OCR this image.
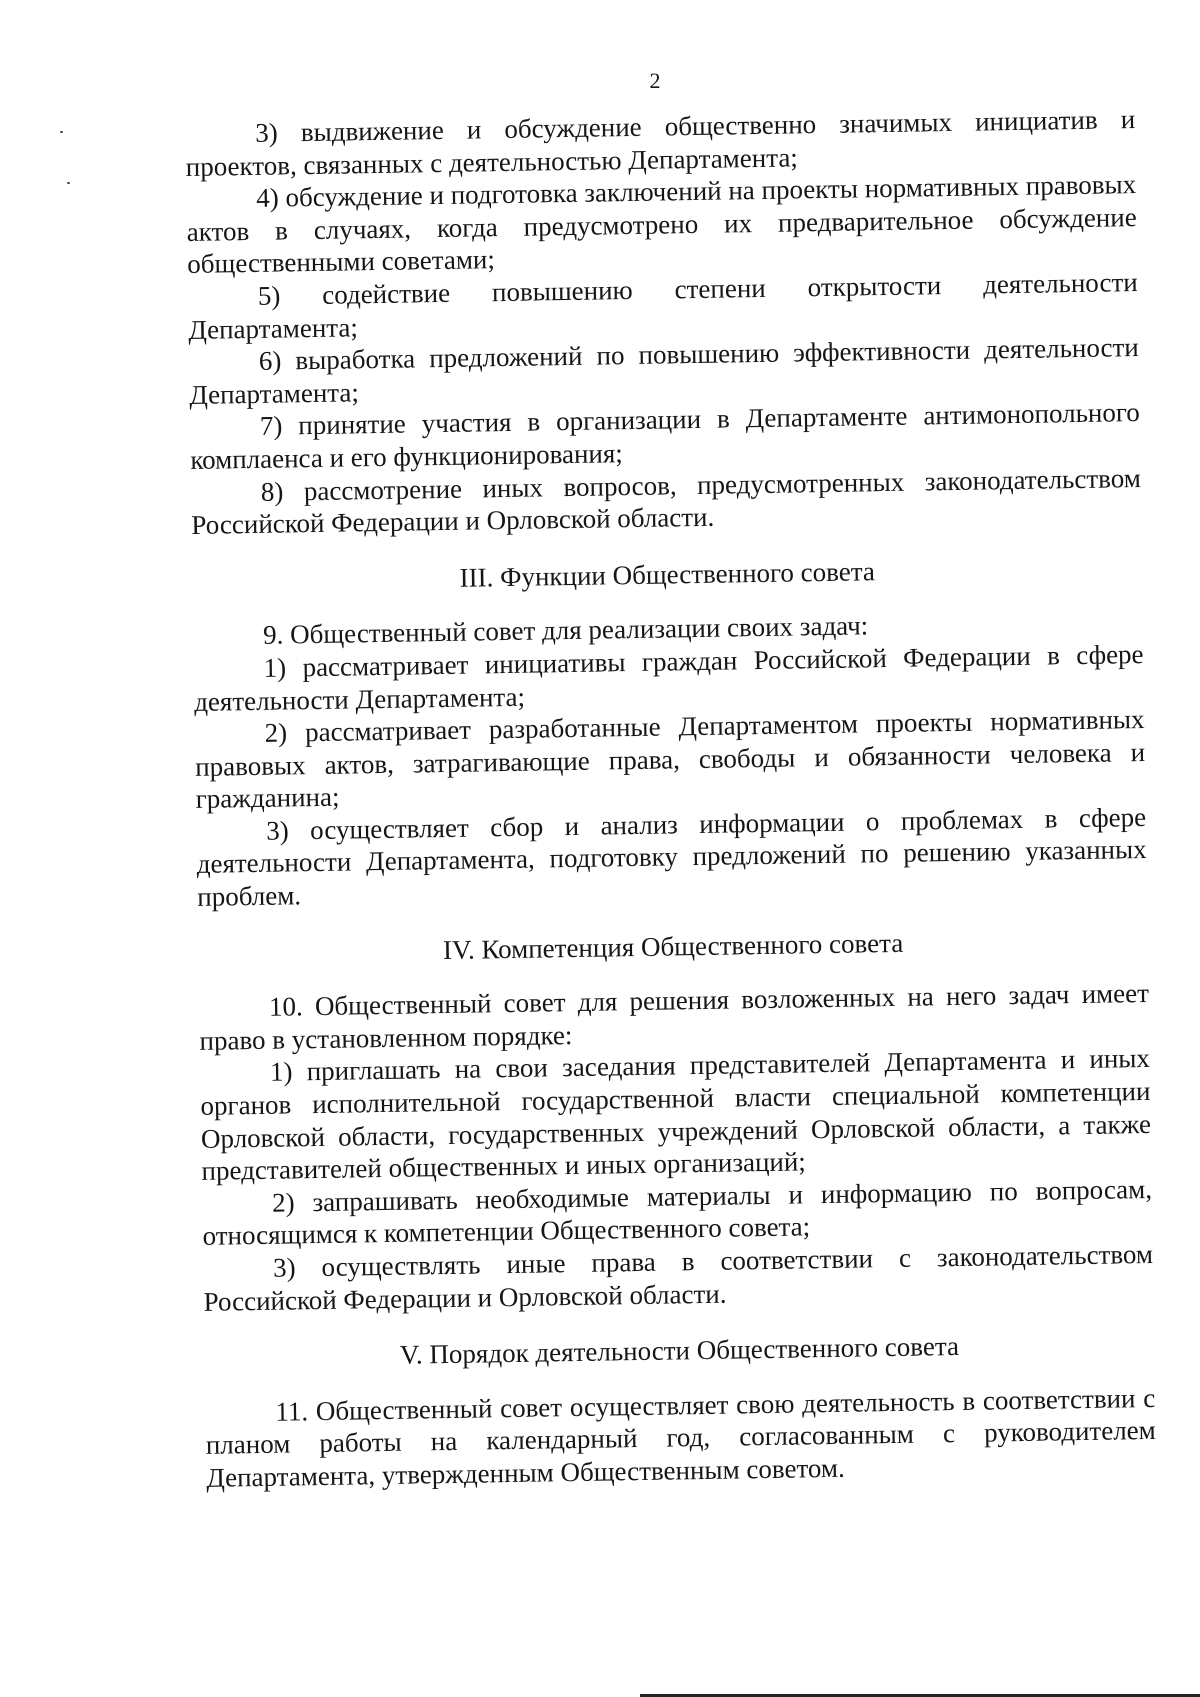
2

3) выдвижение и обсуждение общественно значимых инициатив и проектов, связанных с деятельностью Департамента;

4) обсуждение и подготовка заключений на проекты нормативных правовых актов в случаях, когда предусмотрено их предварительное обсуждение общественными советами;

5) содействие повышению степени открытости деятельности Департамента;

6) выработка предложений по повышению эффективности деятельности Департамента;

7) принятие участия в организации в Департаменте антимонопольного комплаенса и его функционирования;

8) рассмотрение иных вопросов, предусмотренных законодательством Российской Федерации и Орловской области.

III. Функции Общественного совета

9. Общественный совет для реализации своих задач:

1) рассматривает инициативы граждан Российской Федерации в сфере деятельности Департамента;

2) рассматривает разработанные Департаментом проекты нормативных правовых актов, затрагивающие права, свободы и обязанности человека и гражданина;

3) осуществляет сбор и анализ информации о проблемах в сфере деятельности Департамента, подготовку предложений по решению указанных проблем.

IV. Компетенция Общественного совета

10. Общественный совет для решения возложенных на него задач имеет право в установленном порядке:

1) приглашать на свои заседания представителей Департамента и иных органов исполнительной государственной власти специальной компетенции Орловской области, государственных учреждений Орловской области, а также представителей общественных и иных организаций;

2) запрашивать необходимые материалы и информацию по вопросам, относящимся к компетенции Общественного совета;

3) осуществлять иные права в соответствии с законодательством Российской Федерации и Орловской области.

V. Порядок деятельности Общественного совета

11. Общественный совет осуществляет свою деятельность в соответствии с планом работы на календарный год, согласованным с руководителем Департамента, утвержденным Общественным советом.
